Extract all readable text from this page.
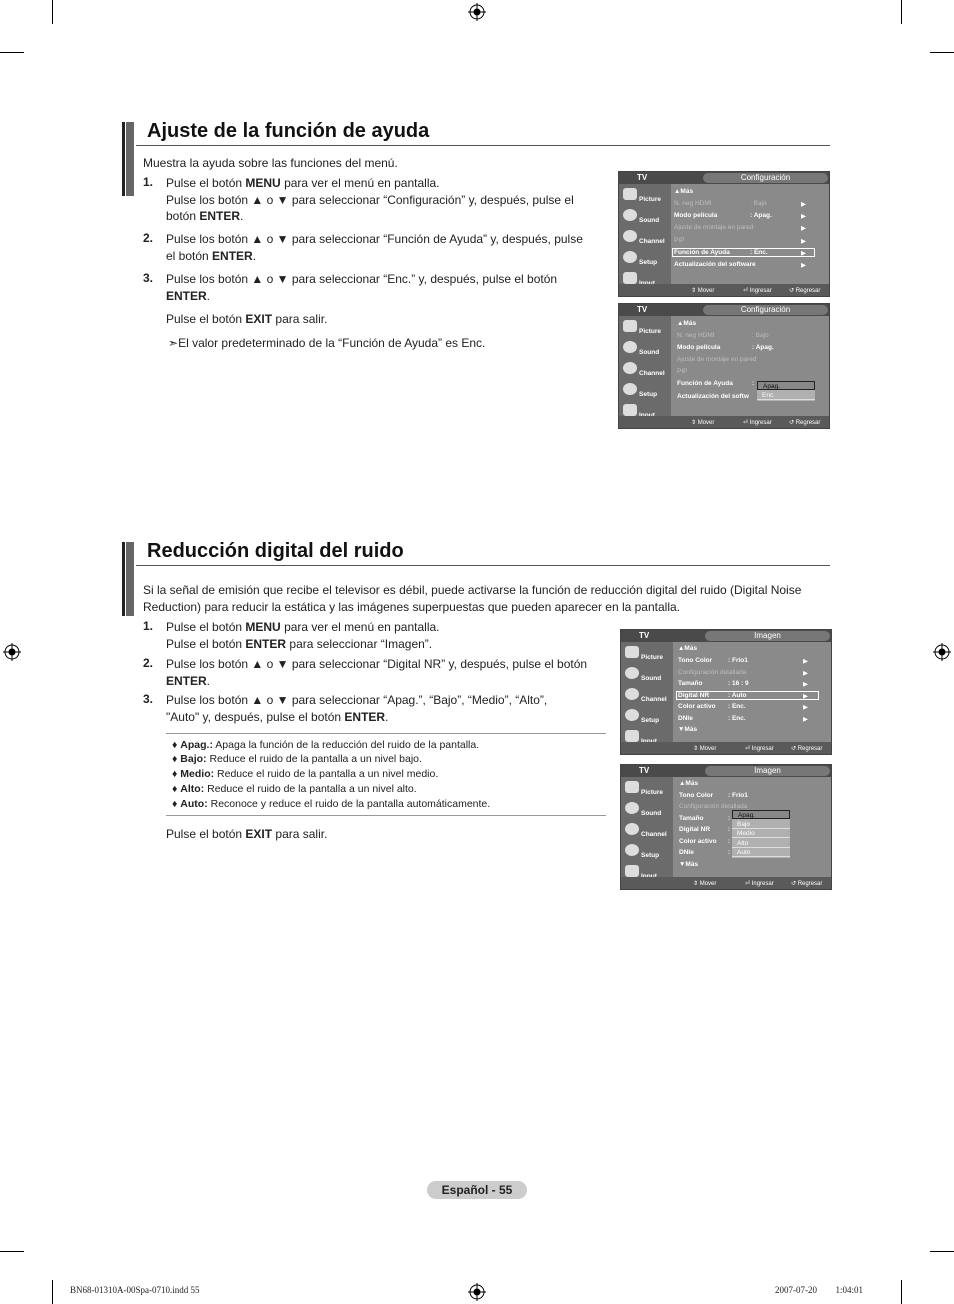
Ajuste de la función de ayuda
Muestra la ayuda sobre las funciones del menú.
1. Pulse el botón MENU para ver el menú en pantalla.
Pulse los botón ▲ o ▼ para seleccionar “Configuración” y, después, pulse el
botón ENTER.
2. Pulse los botón ▲ o ▼ para seleccionar “Función de Ayuda” y, después, pulse
el botón ENTER.
3. Pulse los botón ▲ o ▼ para seleccionar “Enc.” y, después, pulse el botón
ENTER.
Pulse el botón EXIT para salir.
➣El valor predeterminado de la “Función de Ayuda” es Enc.
TV	Configuración
Picture
Sound
Channel
Setup
▲Más
N. neg HDMI	: Bajo	▶
Modo película	: Apag.	▶
Ajuste de montaje en pared	▶
PIP	▶
Función de Ayuda	: Enc.	▶
Actualización del software	▶
⇕ Mover	⏎ Ingresar	↺ Regresar
TV	Configuración
Picture
Sound
Channel
Setup
▲Más
N. neg HDMI	: Bajo
Modo película	: Apag.
Ajuste de montaje en pared
PIP
Función de Ayuda	:
Actualización del softw
Apag.
Enc.
⇕ Mover	⏎ Ingresar	↺ Regresar
Reducción digital del ruido
Si la señal de emisión que recibe el televisor es débil, puede activarse la función de reducción digital del ruido (Digital Noise
Reduction) para reducir la estática y las imágenes superpuestas que pueden aparecer en la pantalla.
1. Pulse el botón MENU para ver el menú en pantalla.
Pulse el botón ENTER para seleccionar “Imagen”.
2. Pulse los botón ▲ o ▼ para seleccionar “Digital NR” y, después, pulse el botón
ENTER.
3. Pulse los botón ▲ o ▼ para seleccionar “Apag.”, “Bajo”, “Medio”, “Alto”,
"Auto" y, después, pulse el botón ENTER.
♦ Apag.: Apaga la función de la reducción del ruido de la pantalla.
♦ Bajo: Reduce el ruido de la pantalla a un nivel bajo.
♦ Medio: Reduce el ruido de la pantalla a un nivel medio.
♦ Alto: Reduce el ruido de la pantalla a un nivel alto.
♦ Auto: Reconoce y reduce el ruido de la pantalla automáticamente.
Pulse el botón EXIT para salir.
TV	Imagen
Picture
Sound
Channel
Setup
▲Más
Tono Color : Frío1	▶
Configuración detallada	▶
Tamaño	: 16 : 9	▶
Digital NR	: Auto	▶
Color activo : Enc.	▶
DNIe	: Enc.	▶
▼Más
⇕ Mover	⏎ Ingresar	↺ Regresar
TV	Imagen
Picture
Sound
Channel
Setup
▲Más
Tono Color : Frío1
Configuración detallada
Tamaño	:
Digital NR	:
Color activo :
DNIe	:
▼Más
Apag.
Bajo
Medio
Alto
Auto
⇕ Mover	⏎ Ingresar	↺ Regresar
Español - 55
BN68-01310A-00Spa-0710.indd 55	2007-07-20 ￿￿ 1:04:01
